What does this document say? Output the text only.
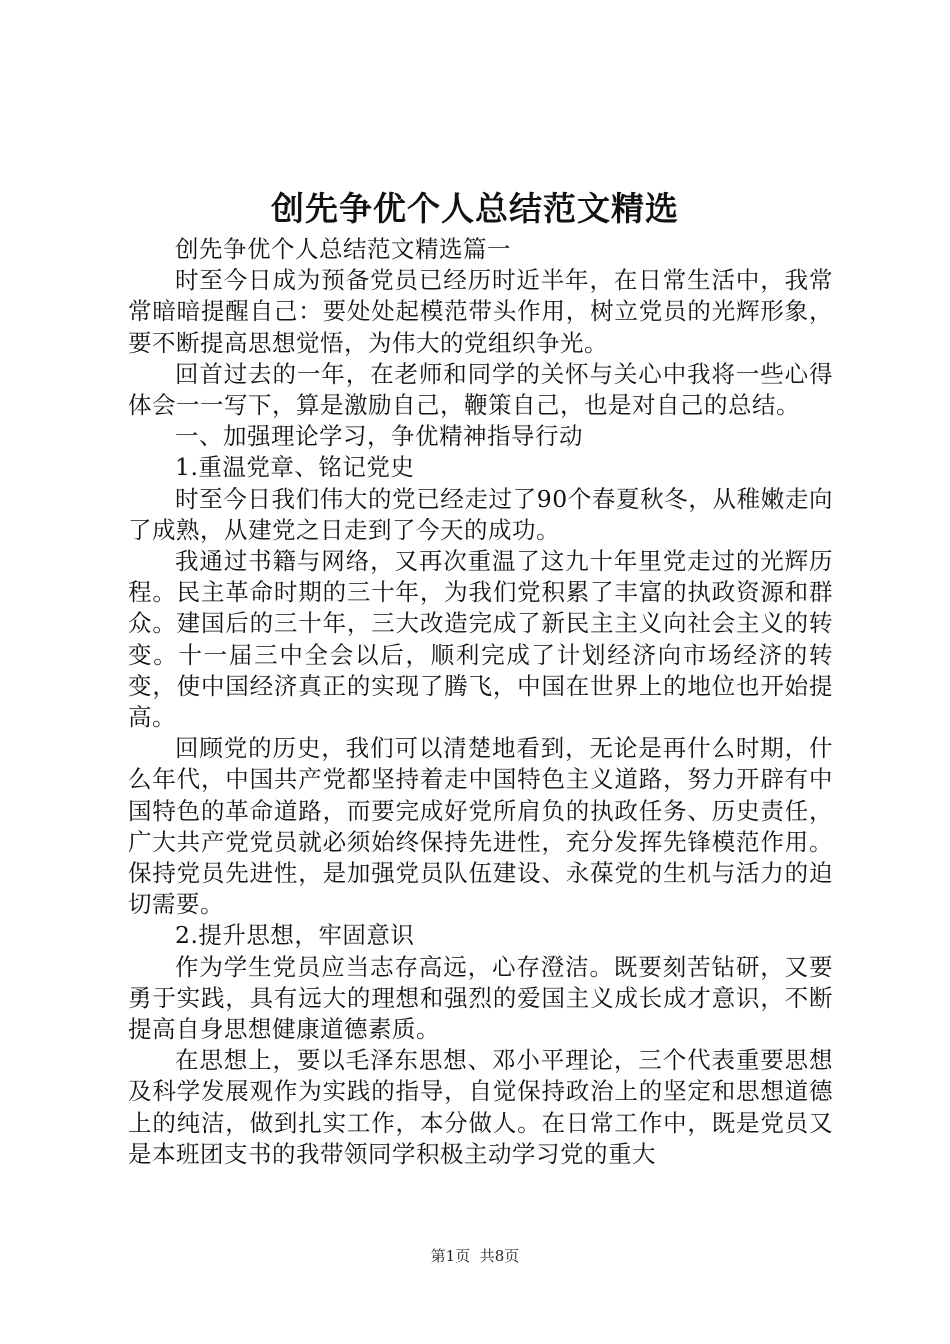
创先争优个人总结范文精选

创先争优个人总结范文精选篇一

时至今日成为预备党员已经历时近半年，在日常生活中，我常常暗暗提醒自己：要处处起模范带头作用，树立党员的光辉形象，要不断提高思想觉悟，为伟大的党组织争光。

回首过去的一年，在老师和同学的关怀与关心中我将一些心得体会一一写下，算是激励自己，鞭策自己，也是对自己的总结。

一、加强理论学习，争优精神指导行动

1.重温党章、铭记党史

时至今日我们伟大的党已经走过了90个春夏秋冬，从稚嫩走向了成熟，从建党之日走到了今天的成功。

我通过书籍与网络，又再次重温了这九十年里党走过的光辉历程。民主革命时期的三十年，为我们党积累了丰富的执政资源和群众。建国后的三十年，三大改造完成了新民主主义向社会主义的转变。十一届三中全会以后，顺利完成了计划经济向市场经济的转变，使中国经济真正的实现了腾飞，中国在世界上的地位也开始提高。

回顾党的历史，我们可以清楚地看到，无论是再什么时期，什么年代，中国共产党都坚持着走中国特色主义道路，努力开辟有中国特色的革命道路，而要完成好党所肩负的执政任务、历史责任，广大共产党党员就必须始终保持先进性，充分发挥先锋模范作用。保持党员先进性，是加强党员队伍建设、永葆党的生机与活力的迫切需要。

2.提升思想，牢固意识

作为学生党员应当志存高远，心存澄洁。既要刻苦钻研，又要勇于实践，具有远大的理想和强烈的爱国主义成长成才意识，不断提高自身思想健康道德素质。

在思想上，要以毛泽东思想、邓小平理论，三个代表重要思想及科学发展观作为实践的指导，自觉保持政治上的坚定和思想道德上的纯洁，做到扎实工作，本分做人。在日常工作中，既是党员又是本班团支书的我带领同学积极主动学习党的重大

第1页 共8页
